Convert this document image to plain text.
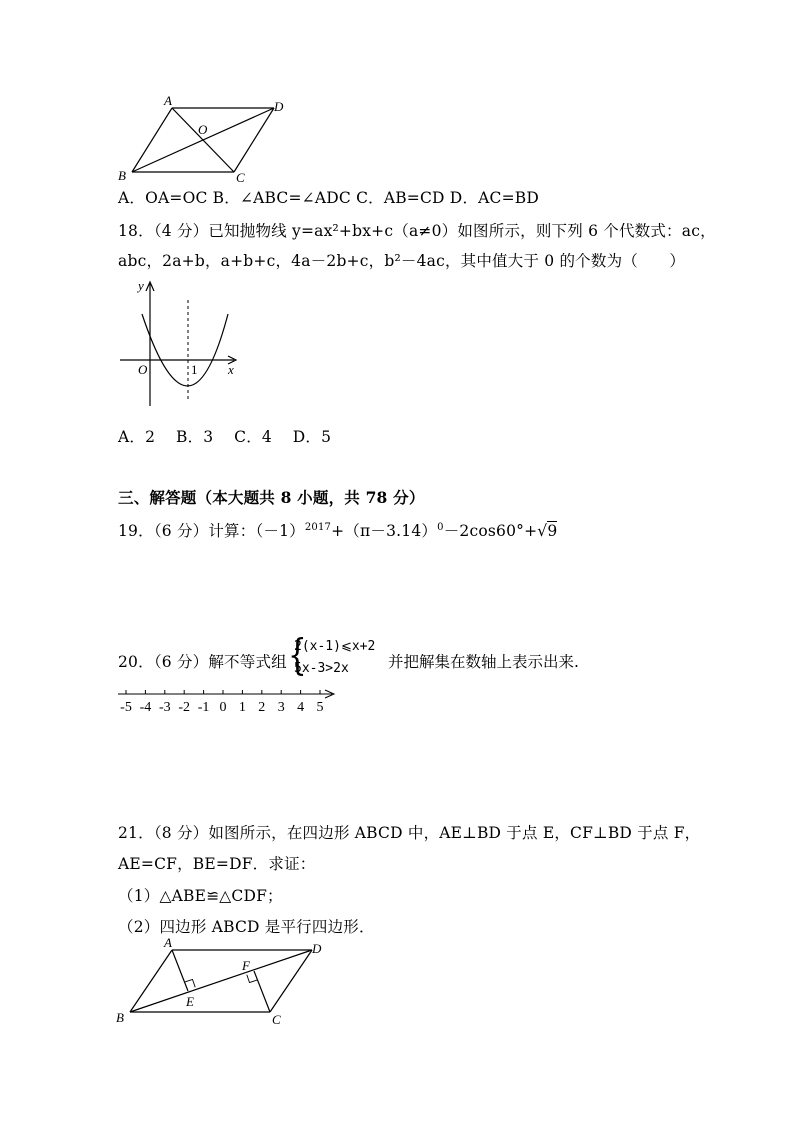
A	D
O
B	C
A．OA=OC B．∠ABC=∠ADC C．AB=CD D．AC=BD
18．（4 分）已知抛物线 y=ax²+bx+c（a≠0）如图所示，则下列 6 个代数式：ac，
abc，2a+b，a+b+c，4a－2b+c，b²－4ac，其中值大于 0 的个数为（　　）
y
x
O	1
A．2　 B．3　 C．4　 D．5
三、解答题（本大题共 8 小题，共 78 分）
19．（6 分）计算：$(-1)^{2017}+(\pi-3.14)^0-2\cos 60^\circ+√9$
20．（6 分）解不等式组 {
2(x-1)⩽x+2
5x-3>2x	并把解集在数轴上表示出来.
-5 -4 -3 -2 -1 0 1 2 3 4 5
21．（8 分）如图所示，在四边形 ABCD 中，AE⊥BD 于点 E，CF⊥BD 于点 F，
AE=CF，BE=DF．求证：
（1）△ABE≌△CDF；
（2）四边形 ABCD 是平行四边形．
A	D
F
E
B	C
